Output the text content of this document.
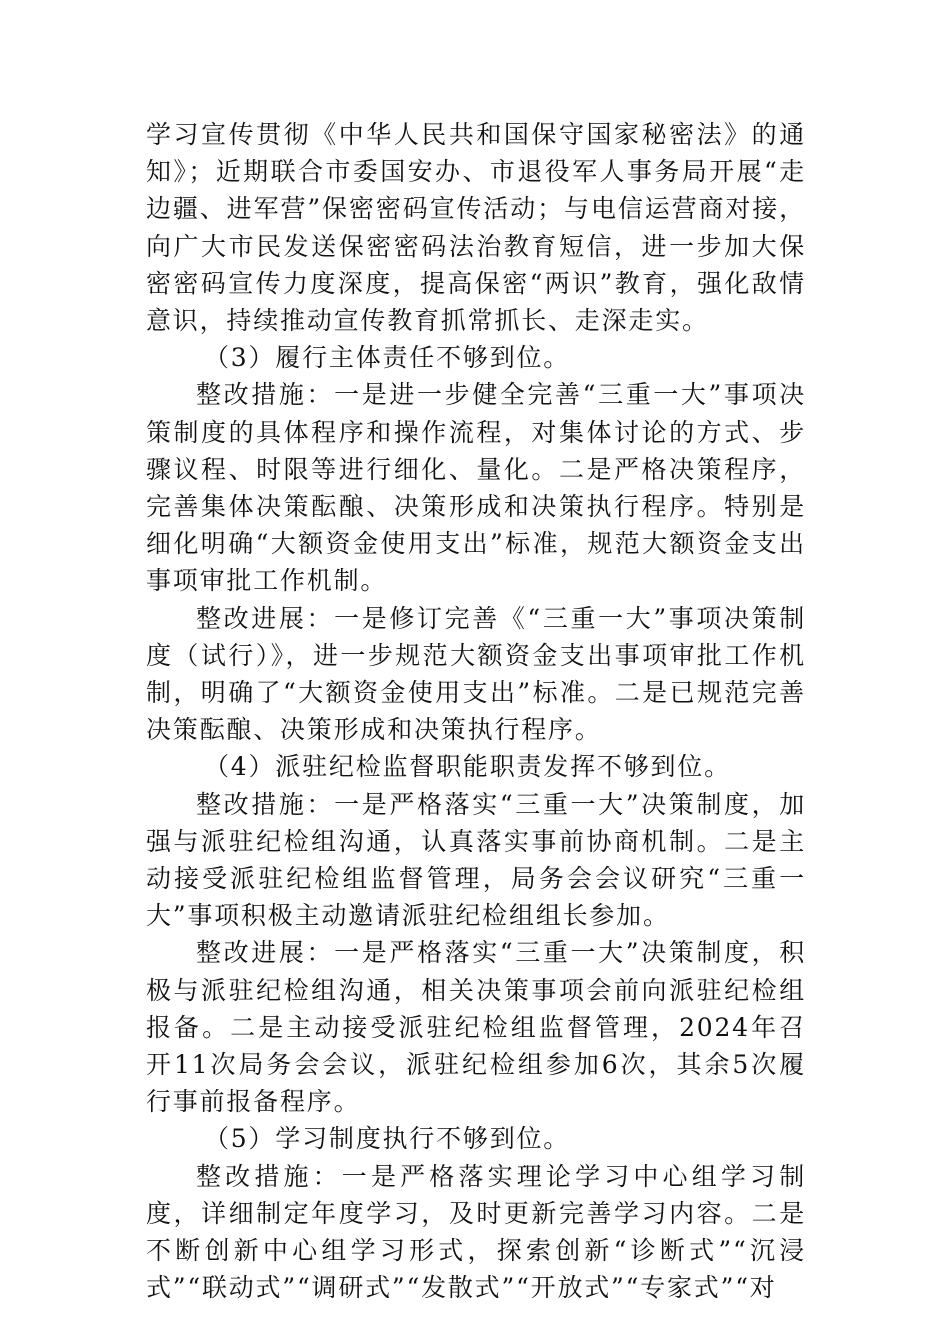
学习宣传贯彻《中华人民共和国保守国家秘密法》的通知》；近期联合市委国安办、市退役军人事务局开展“走边疆、进军营”保密密码宣传活动；与电信运营商对接，向广大市民发送保密密码法治教育短信，进一步加大保密密码宣传力度深度，提高保密“两识”教育，强化敌情意识，持续推动宣传教育抓常抓长、走深走实。

（3）履行主体责任不够到位。

整改措施：一是进一步健全完善“三重一大”事项决策制度的具体程序和操作流程，对集体讨论的方式、步骤议程、时限等进行细化、量化。二是严格决策程序，完善集体决策酝酿、决策形成和决策执行程序。特别是细化明确“大额资金使用支出”标准，规范大额资金支出事项审批工作机制。

整改进展：一是修订完善《“三重一大”事项决策制度（试行）》，进一步规范大额资金支出事项审批工作机制，明确了“大额资金使用支出”标准。二是已规范完善决策酝酿、决策形成和决策执行程序。

（4）派驻纪检监督职能职责发挥不够到位。

整改措施：一是严格落实“三重一大”决策制度，加强与派驻纪检组沟通，认真落实事前协商机制。二是主动接受派驻纪检组监督管理，局务会会议研究“三重一大”事项积极主动邀请派驻纪检组组长参加。

整改进展：一是严格落实“三重一大”决策制度，积极与派驻纪检组沟通，相关决策事项会前向派驻纪检组报备。二是主动接受派驻纪检组监督管理，2024年召开11次局务会会议，派驻纪检组参加6次，其余5次履行事前报备程序。

（5）学习制度执行不够到位。

整改措施：一是严格落实理论学习中心组学习制度，详细制定年度学习，及时更新完善学习内容。二是不断创新中心组学习形式，探索创新“诊断式”“沉浸式”“联动式”“调研式”“发散式”“开放式”“专家式”“对
